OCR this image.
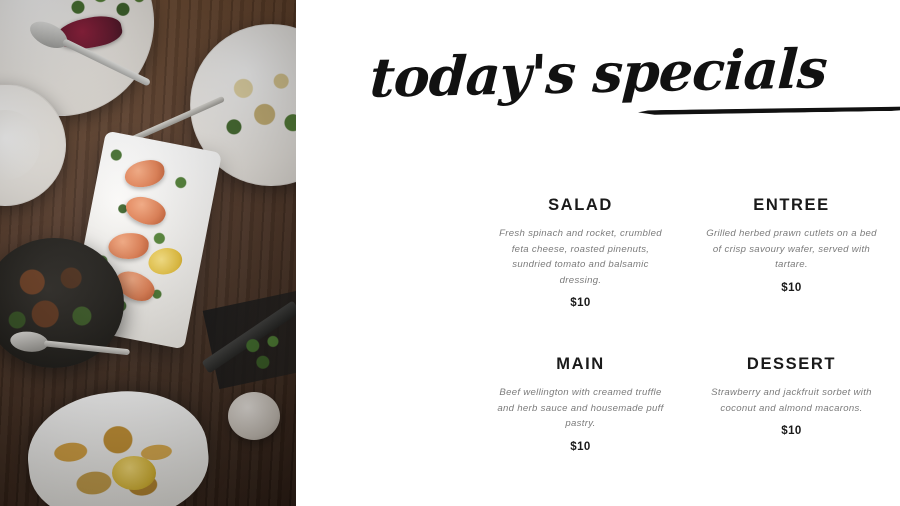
today's specials
SALAD
Fresh spinach and rocket, crumbled feta cheese, roasted pinenuts, sundried tomato and balsamic dressing.
$10
ENTREE
Grilled herbed prawn cutlets on a bed of crisp savoury wafer, served with tartare.
$10
MAIN
Beef wellington with creamed truffle and herb sauce and housemade puff pastry.
$10
DESSERT
Strawberry and jackfruit sorbet with coconut and almond macarons.
$10
